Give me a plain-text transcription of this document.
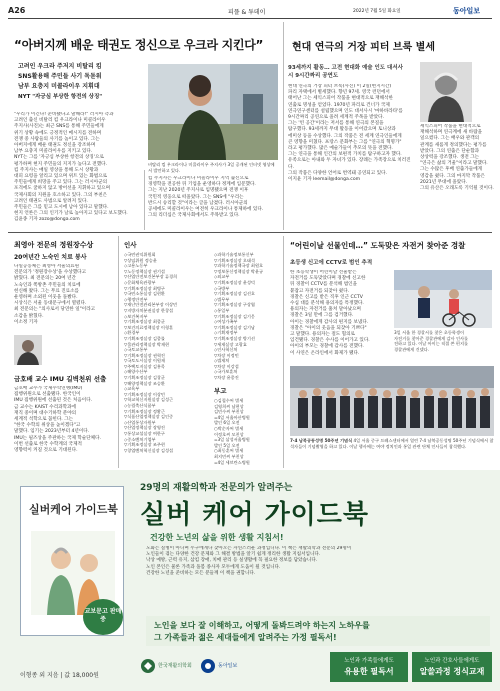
A26	피플 & 투데이	2022년 7월 5일 화요일	동아일보
“아버지께 배운 태권도 정신으로 우크라 지킨다”
고려인 우크라 주저지 비탈리 킴
SNS활용해 주민들 사기 독돋워
남부 요충지 미콜라이우 지휘대
NYT "자긍심 부상한 항전의 상징"
비탈리 킴 우크라이나 미콜라이우 주지사가 3일 공개된 인터넷 영상에서 발언하고 있다.
"우리가 이긴다! 준비됐다고 말해라!" 러시아 측과
고려인 출신 비탈리 킴 우크라이나 미콜라이우
주지사(사진)는 최근 SNS를 통해 주민들에게
위기 상황 속에도 긍정적인 메시지를 전하며
전쟁 중 사람들의 사기를 높이고 있다. 그는
아버지에게 배운 태권도 정신을 강조하며
남부 요충지 미콜라이우를 지키고 있다.
NYT는 그를 '자긍심 부상한 항전의 상징'으로
평가하며 현지 주민들의 지지가 높다고 전했다.
킴 주지사는 매일 영상을 통해 도시 상황과
대피 요령을 알리고 있으며 위트 있는 화법으로
주민들에게 희망을 주고 있다. 그는 러시아군의
포격에도 굴하지 않고 방어선을 지휘하고 있으며
국제사회의 지원을 호소하고 있다. 그의 부친은
고려인 태권도 사범으로 알려져 있다.
주민들은 그를 믿고 도시에 남아 있다고 말했다.
현지 언론은 그의 인기가 날로 높아지고 있다고 보도했다.
김윤종 기자 zozo@donga.com
킴 주지사는 우크라이나 미콜라이우 지역 출신으로
경영학을 전공한 뒤 기업을 운영하다 정계에 입문했다.
그는 지난 2020년 주지사로 임명됐으며 전쟁 이후
국민적 영웅으로 떠올랐다. 그는 SNS에 "우리는
반드시 승리할 것"이라는 글을 남겼다. 러시아군의
공세에도 미콜라이우는 여전히 우크라이나 통제하에 있다.
그의 리더십은 국제사회에서도 주목받고 있다.
현대 연극의 거장 피터 브룩 별세
93세까지 활동… 고전 현대화 예술 인도 대서사시 9시간짜리 공연도
현대 연극의 거장 피터 브룩(사진) 이 2일(현지시간)
파리 자택에서 별세했다. 향년 97세. 영국 런던에서
태어난 그는 셰익스피어 작품을 현대적으로 재해석한
연출로 명성을 얻었다. 1970년 파리로 건너가 국제
연극연구센터를 설립했으며 인도 대서사시 '마하바라타'를
9시간짜리 공연으로 올려 세계적 주목을 받았다.
그는 '빈 공간'이라는 저서를 통해 연극의 본질을
탐구했다. 93세까지 무대 활동을 이어갔으며 토니상과
에미상 등을 수상했다. 그의 작품은 전 세계 연극인들에게
큰 영향을 미쳤다. 프랑스 문화부는 그를 "연극의 혁명가"
라고 평가했다. 많은 예술가들이 추모의 뜻을 전했다.
그는 연극을 통해 인간의 보편적 가치를 탐구하고자 했다.
유족으로는 아내와 두 자녀가 있다. 장례는 가족장으로 치러진다.
그의 작품은 다양한 언어로 번역돼 공연되고 있다.
이지윤 기자 leemail@donga.com
셰익스피어 작품을 현대적으로
재해석하며 연극계에 새 바람을
일으켰다. 그는 배우와 관객의
관계를 새롭게 정의했다는 평가를
받았다. 그의 연출은 단순함과
상상력을 강조했다. 생전 그는
"연극은 삶의 거울"이라고 말했다.
그는 수많은 후배 연출가들에게
영감을 줬다. 그의 마지막 작품은
2021년 무대에 올랐다.
그의 유산은 오래도록 기억될 것이다.
최영아 전문의 정원장수상
20여년간 노숙인 치료 봉사
다일공동체는 최영아 서울의료원
전문의가 '정원장수상'을 수상했다고
밝혔다. 최 전문의는 20여 년간
노숙인과 쪽방촌 주민들의 치료에
헌신해 왔다. 그는 무료 진료소를
운영하며 소외된 이웃을 돌봤다.
시상식은 서울 동대문구에서 열렸다.
최 전문의는 "의사로서 당연한 일"이라고
소감을 밝혔다.
이소정 기자
금호배 교수 IMU 길벽천위 선출
금호배 교수가 국제수학연맹(IMU)
집행위원으로 선출됐다. 한국인이
IMU 집행위원에 선출된 것은 처음이다.
금 교수는 KAIST 수리과학과에
재직 중이며 대수기하학 분야의
세계적 석학으로 꼽힌다. 그는
"한국 수학의 위상을 높이겠다"고
말했다. 임기는 2023년부터 4년이다.
IMU는 필즈상을 주관하는 국제 학술단체다.
이번 선출로 한국 수학계의 국제적
영향력이 커질 것으로 기대된다.
인사
◇국민권익위원회
▽상임위원 정승윤
◇고용노동부
▽노동정책실장 권기섭
▽산업안전보건본부장 류경희
◇문화체육관광부
▽기획조정실장 최병구
▽국민소통실장 김현환
◇행정안전부
▽재난안전관리본부장 이상민
▽지방자치분권실장 한창섭
◇보건복지부
▽기획조정실장 최종균
▽보건의료정책실장 이형훈
◇환경부
▽기획조정실장 김종률
▽물관리정책실장 박재현
◇국토교통부
▽기획조정실장 권혁진
▽국토도시실장 이원재
▽주택토지실장 김홍목
◇해양수산부
▽기획조정실장 김창균
▽해양정책실장 조승환
◇교육부
▽기획조정실장 이상민
▽학교혁신지원실장 김성근
◇농림축산식품부
▽기획조정실장 정황근
▽식품산업정책실장 김인중
◇산업통상자원부
▽산업정책실장 장영진
▽통상교섭실장 여한구
◇중소벤처기업부
▽기획조정실장 조주현
▽창업벤처혁신실장 김성섭
◇과학기술정보통신부
▽기획조정실장 오태석
▽과학기술정책국장 최원호
▽정보통신정책실장 박윤규
◇외교부
▽기획조정실장 윤성덕
◇국방부
▽기획조정실장 김선호
◇법무부
▽기획조정실장 구상엽
◇통일부
▽기획조정실장 김기웅
◇여성가족부
▽기획조정실장 김기남
◇기획재정부
▽기획조정실장 방기선
▽세제실장 고광효
◇인사혁신처
▽차장 이정민
◇법제처
▽차장 이강섭
◇국가보훈처
▽차장 윤종진
부고
○김철수씨 별세
김영희씨 남편상
김민수씨 부친상
=4일 서울아산병원
발인 6일 오전
○박순자씨 별세
이정호씨 모친상
=3일 삼성서울병원
발인 5일 오전
○최동훈씨 별세
최지민씨 부친상
=4일 세브란스병원
“어린이날 선물인데…” 도둑맞은 자전거 찾아준 경찰
초등생 신고에 CCTV로 범인 추적
한 초등학생이 어린이날 선물받은
자전거를 도둑맞았다며 경찰에 신고한
뒤 경찰이 CCTV를 분석해 범인을
붙잡고 자전거를 되찾아 줬다.
경찰은 신고를 받은 직후 인근 CCTV
수십 대를 분석해 용의자를 특정했다.
용의자는 자전거를 훔쳐 달아났으며
경찰은 3일 만에 그를 검거했다.
아이는 경찰에게 감사의 편지를 보냈다.
경찰은 "아이의 웃음을 되찾아 기쁘다"
고 말했다. 용의자는 절도 혐의로
입건됐다. 경찰은 수사를 이어가고 있다.
아이의 부모는 경찰에 감사를 전했다.
이 사연은 온라인에서 화제가 됐다.
3일 서울 한 경찰서를 찾은 초등학생이
자전거를 찾아준 경찰관에게 감사 인사를
전하고 있다. 이날 아이는 직접 쓴 편지를
경찰관에게 건넸다.
7·4 남북공동성명 50주년 기념식 4일 서울 중구 프레스센터에서 열린 7·4 남북공동성명 50주년 기념식에서 참석자들이 기념촬영을 하고 있다. 이날 행사에는 여야 정치인과 통일 관련 단체 인사들이 참석했다.
29명의 재활의학과 전문의가 알려주는
실버 케어 가이드북
건강한 노년의 삶을 위한 생활 지침서!
노화는 질병이 아니며 누구에게나 찾아오는 자연스러운 과정입니다. 이 책은 재활의학과 전문의 29명이
노인들이 겪는 다양한 건강 문제와 그 해결 방법을 알기 쉽게 정리한 생활 지침서입니다.
낙상 예방, 근력 유지, 삼킴 장애, 치매 관리 등 실생활에 꼭 필요한 정보를 담았습니다.
노인 본인은 물론 가족과 돌봄 종사자 모두에게 도움이 될 것입니다.
건강한 노년을 준비하는 모든 분들께 이 책을 권합니다.
노인을 보다 잘 이해하고, 어떻게 돌봐드려야 하는지 노하우를
그 가족들과 젊은 세대들에게 알려주는 가정 필독서!
실버케어 가이드북
교보문고 판매중
이형종 외 지음 | 값 18,000원
한국재활의학회	동아일보
노인과 가족들에게도
유용한 필독서
노인과 간호사들에게도
알쓸과정 정식교재
